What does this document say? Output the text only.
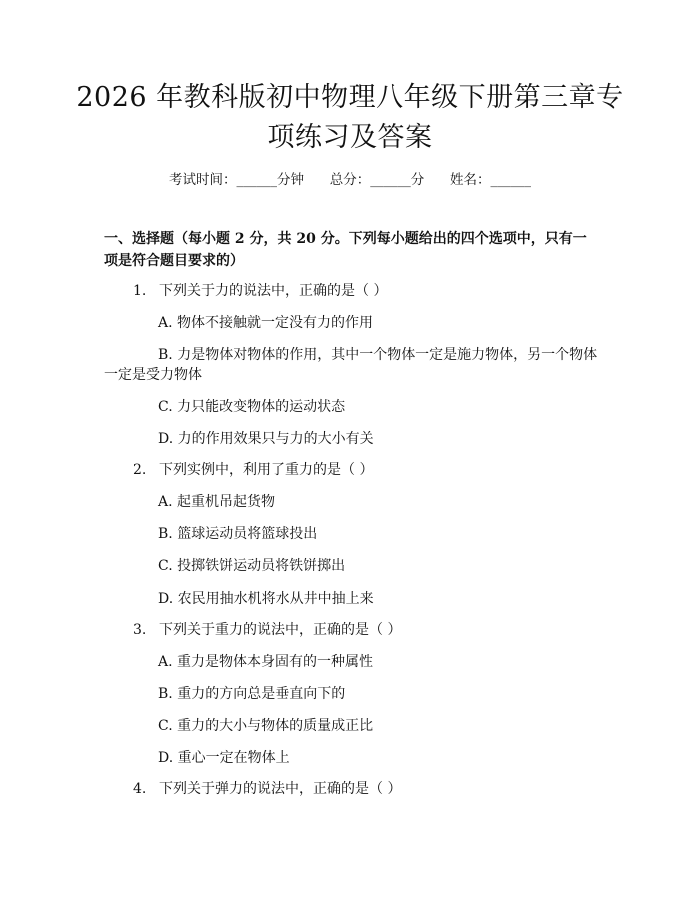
2026 年教科版初中物理八年级下册第三章专
项练习及答案
考试时间：______分钟      总分：______分      姓名：______
一、选择题（每小题 2 分，共 20 分。下列每小题给出的四个选项中，只有一项是符合题目要求的）
1. 下列关于力的说法中，正确的是（ ）
A. 物体不接触就一定没有力的作用
B. 力是物体对物体的作用，其中一个物体一定是施力物体，另一个物体一定是受力物体
C. 力只能改变物体的运动状态
D. 力的作用效果只与力的大小有关
2. 下列实例中，利用了重力的是（ ）
A. 起重机吊起货物
B. 篮球运动员将篮球投出
C. 投掷铁饼运动员将铁饼掷出
D. 农民用抽水机将水从井中抽上来
3. 下列关于重力的说法中，正确的是（ ）
A. 重力是物体本身固有的一种属性
B. 重力的方向总是垂直向下的
C. 重力的大小与物体的质量成正比
D. 重心一定在物体上
4. 下列关于弹力的说法中，正确的是（ ）
